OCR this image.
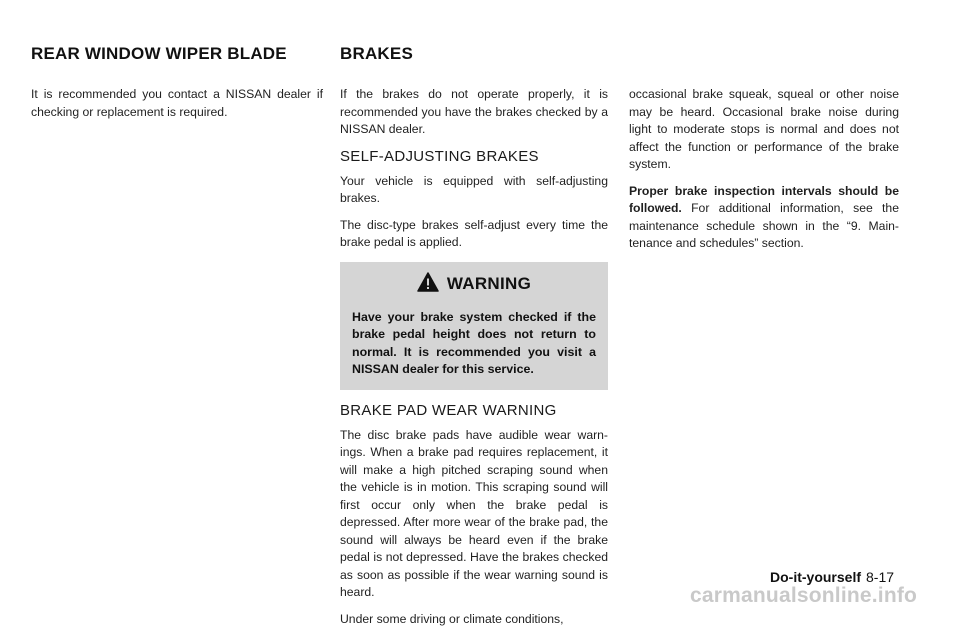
REAR WINDOW WIPER BLADE

It is recommended you contact a NISSAN dealer if checking or replacement is required.

BRAKES

If the brakes do not operate properly, it is recommended you have the brakes checked by a NISSAN dealer.

SELF-ADJUSTING BRAKES

Your vehicle is equipped with self-adjusting brakes.

The disc-type brakes self-adjust every time the brake pedal is applied.

WARNING

Have your brake system checked if the brake pedal height does not return to normal. It is recommended you visit a NISSAN dealer for this service.

BRAKE PAD WEAR WARNING

The disc brake pads have audible wear warn-ings. When a brake pad requires replacement, it will make a high pitched scraping sound when the vehicle is in motion. This scraping sound will first occur only when the brake pedal is depressed. After more wear of the brake pad, the sound will always be heard even if the brake pedal is not depressed. Have the brakes checked as soon as possible if the wear warning sound is heard.

Under some driving or climate conditions,

occasional brake squeak, squeal or other noise may be heard. Occasional brake noise during light to moderate stops is normal and does not affect the function or performance of the brake system.

Proper brake inspection intervals should be followed. For additional information, see the maintenance schedule shown in the “9. Main-tenance and schedules” section.

Do-it-yourself 8-17
carmanualsonline.info
